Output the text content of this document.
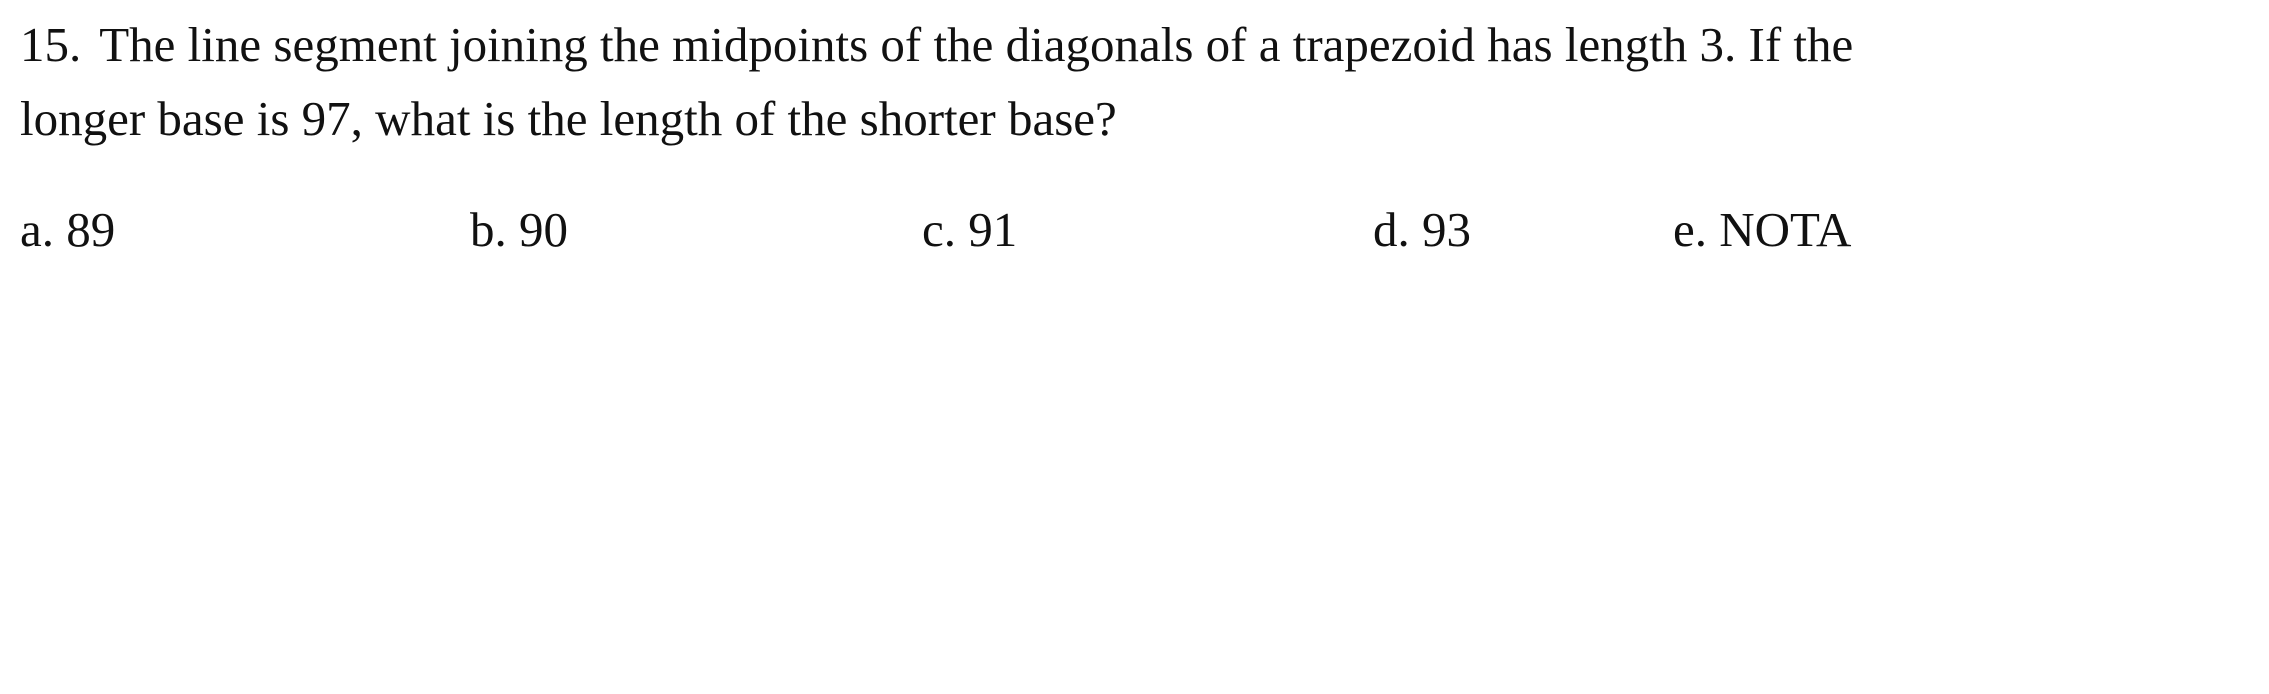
15. The line segment joining the midpoints of the diagonals of a trapezoid has length 3. If the
longer base is 97, what is the length of the shorter base?
a. 89	b. 90	c. 91	d. 93	e. NOTA
